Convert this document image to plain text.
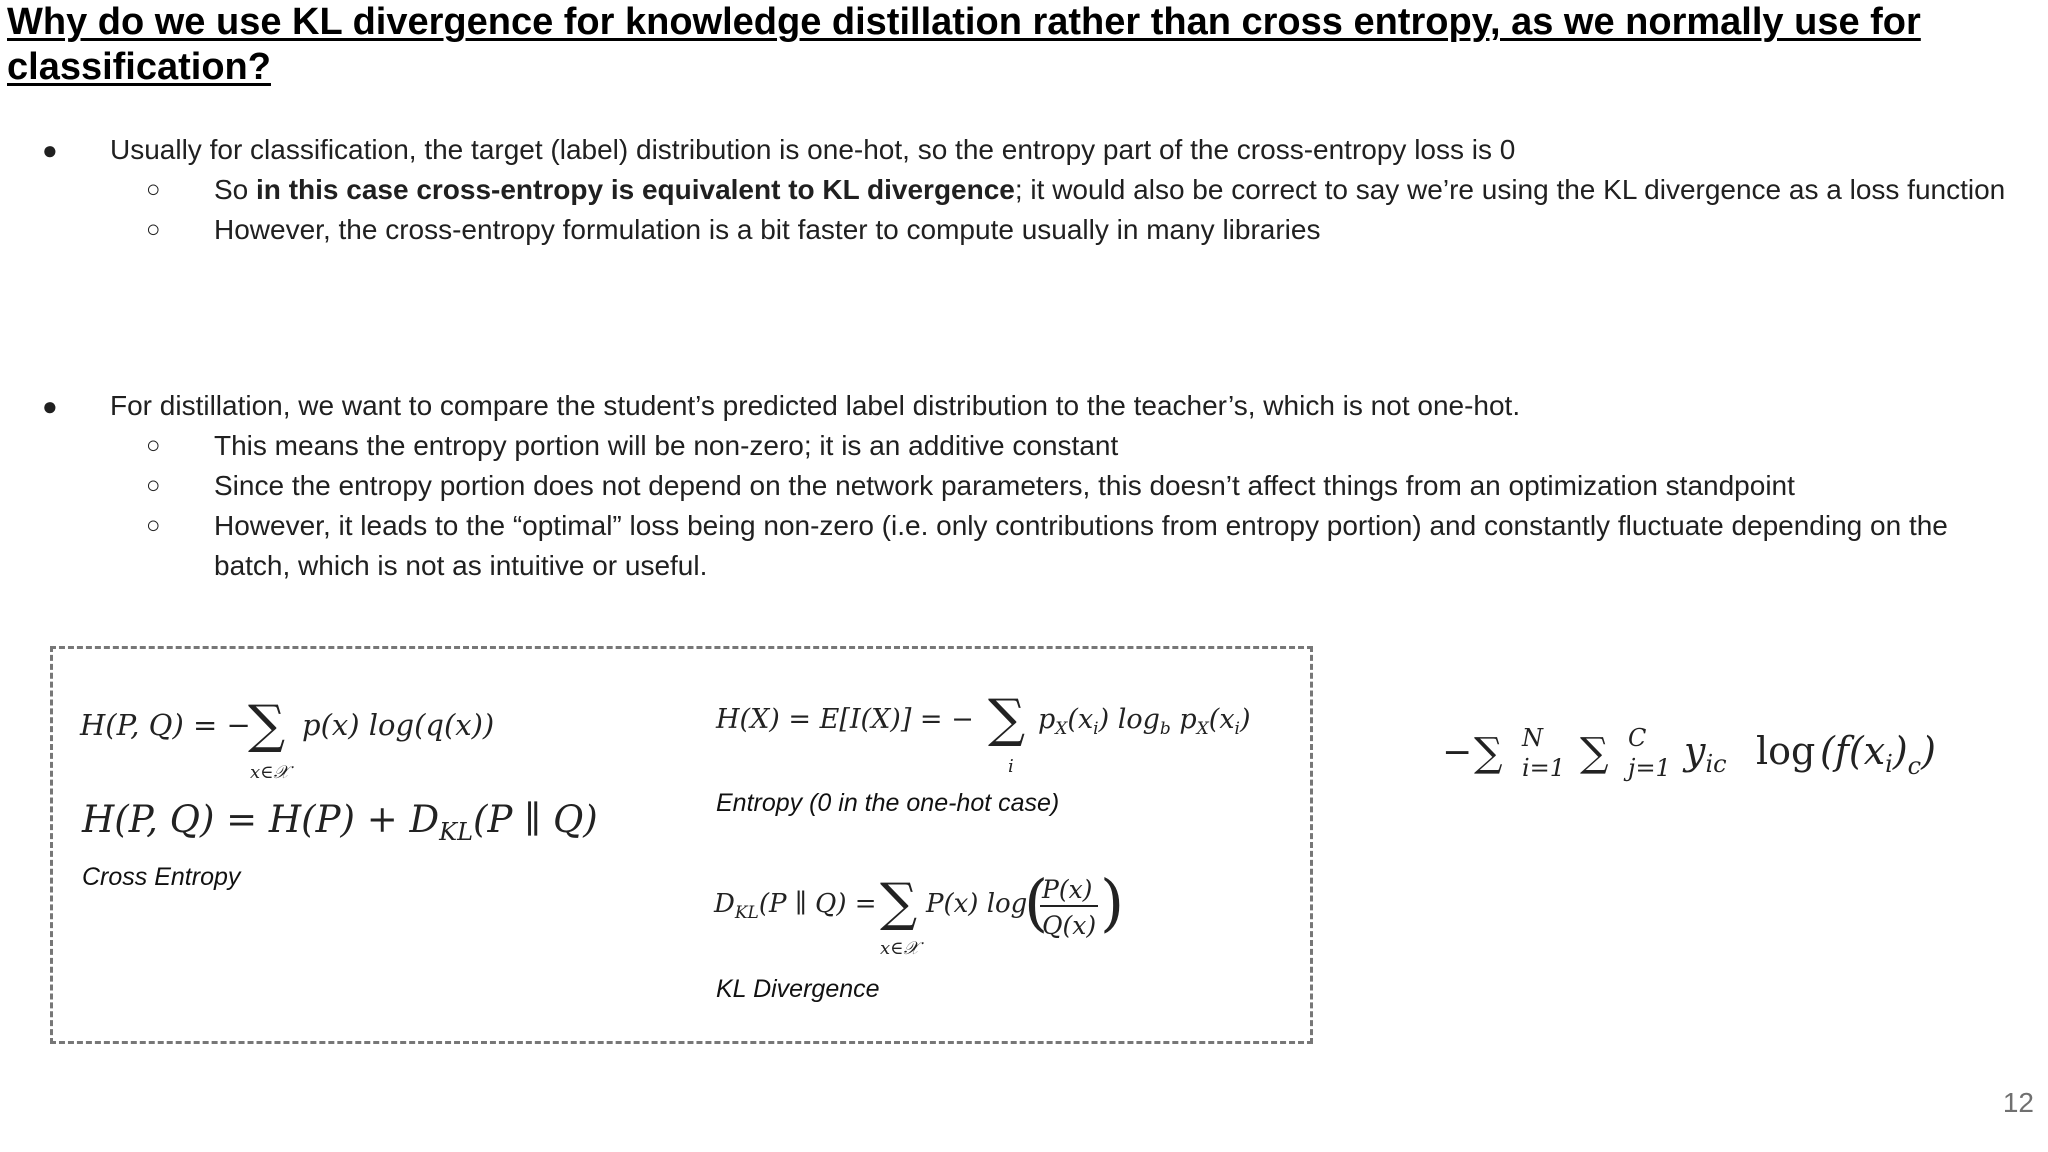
Why do we use KL divergence for knowledge distillation rather than cross entropy, as we normally use for classification?
● Usually for classification, the target (label) distribution is one-hot, so the entropy part of the cross-entropy loss is 0
○ So in this case cross-entropy is equivalent to KL divergence; it would also be correct to say we’re using the KL divergence as a loss function
○ However, the cross-entropy formulation is a bit faster to compute usually in many libraries
● For distillation, we want to compare the student’s predicted label distribution to the teacher’s, which is not one-hot.
○ This means the entropy portion will be non-zero; it is an additive constant
○ Since the entropy portion does not depend on the network parameters, this doesn’t affect things from an optimization standpoint
○ However, it leads to the “optimal” loss being non-zero (i.e. only contributions from entropy portion) and constantly fluctuate depending on the batch, which is not as intuitive or useful.
H(P, Q) = −
∑
x∈𝒳
p(x) log(q(x))
H(P, $Q) = H(P) + D_{KL}(P$ ∥ Q)
Cross Entropy
H(X) = E[I(X)] = − ∑
i
$p_X(x_i)$ $\log_b p_X(x_i)$
Entropy (0 in the one-hot case)
$D_{KL}(P$ ∥ Q) = ∑
x∈𝒳
P(x) log
(
P(x)
Q(x) )
KL Divergence
− ∑ N
i=1 ∑ C
j=1 $y_{ic}$ $\log (f(x_i)_c)$
12
